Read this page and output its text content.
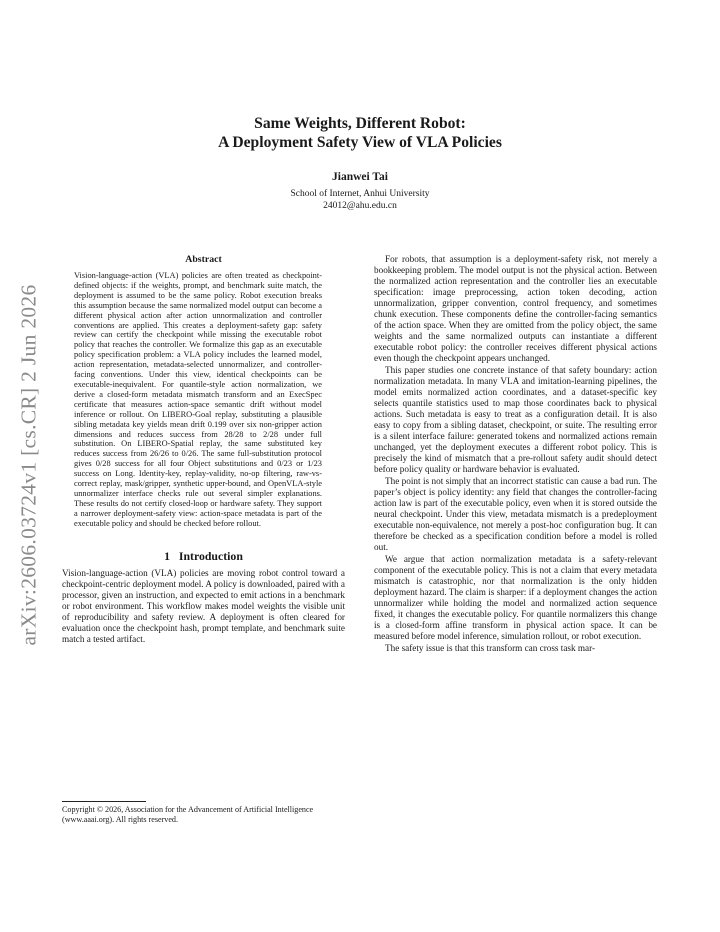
arXiv:2606.03724v1 [cs.CR] 2 Jun 2026
Same Weights, Different Robot:
A Deployment Safety View of VLA Policies
Jianwei Tai
School of Internet, Anhui University
24012@ahu.edu.cn
Abstract

Vision-language-action (VLA) policies are often treated as checkpoint-defined objects: if the weights, prompt, and benchmark suite match, the deployment is assumed to be the same policy. Robot execution breaks this assumption because the same normalized model output can become a different physical action after action unnormalization and controller conventions are applied. This creates a deployment-safety gap: safety review can certify the checkpoint while missing the executable robot policy that reaches the controller. We formalize this gap as an executable policy specification problem: a VLA policy includes the learned model, action representation, metadata-selected unnormalizer, and controller-facing conventions. Under this view, identical checkpoints can be executable-inequivalent. For quantile-style action normalization, we derive a closed-form metadata mismatch transform and an ExecSpec certificate that measures action-space semantic drift without model inference or rollout. On LIBERO-Goal replay, substituting a plausible sibling metadata key yields mean drift 0.199 over six non-gripper action dimensions and reduces success from 28/28 to 2/28 under full substitution. On LIBERO-Spatial replay, the same substituted key reduces success from 26/26 to 0/26. The same full-substitution protocol gives 0/28 success for all four Object substitutions and 0/23 or 1/23 success on Long. Identity-key, replay-validity, no-op filtering, raw-vs-correct replay, mask/gripper, synthetic upper-bound, and OpenVLA-style unnormalizer interface checks rule out several simpler explanations. These results do not certify closed-loop or hardware safety. They support a narrower deployment-safety view: action-space metadata is part of the executable policy and should be checked before rollout.

1 Introduction

Vision-language-action (VLA) policies are moving robot control toward a checkpoint-centric deployment model. A policy is downloaded, paired with a processor, given an instruction, and expected to emit actions in a benchmark or robot environment. This workflow makes model weights the visible unit of reproducibility and safety review. A deployment is often cleared for evaluation once the checkpoint hash, prompt template, and benchmark suite match a tested artifact.

Copyright © 2026, Association for the Advancement of Artificial Intelligence (www.aaai.org). All rights reserved.

For robots, that assumption is a deployment-safety risk, not merely a bookkeeping problem. The model output is not the physical action. Between the normalized action representation and the controller lies an executable specification: image preprocessing, action token decoding, action unnormalization, gripper convention, control frequency, and sometimes chunk execution. These components define the controller-facing semantics of the action space. When they are omitted from the policy object, the same weights and the same normalized outputs can instantiate a different executable robot policy: the controller receives different physical actions even though the checkpoint appears unchanged.

This paper studies one concrete instance of that safety boundary: action normalization metadata. In many VLA and imitation-learning pipelines, the model emits normalized action coordinates, and a dataset-specific key selects quantile statistics used to map those coordinates back to physical actions. Such metadata is easy to treat as a configuration detail. It is also easy to copy from a sibling dataset, checkpoint, or suite. The resulting error is a silent interface failure: generated tokens and normalized actions remain unchanged, yet the deployment executes a different robot policy. This is precisely the kind of mismatch that a pre-rollout safety audit should detect before policy quality or hardware behavior is evaluated.

The point is not simply that an incorrect statistic can cause a bad run. The paper’s object is policy identity: any field that changes the controller-facing action law is part of the executable policy, even when it is stored outside the neural checkpoint. Under this view, metadata mismatch is a predeployment executable non-equivalence, not merely a post-hoc configuration bug. It can therefore be checked as a specification condition before a model is rolled out.

We argue that action normalization metadata is a safety-relevant component of the executable policy. This is not a claim that every metadata mismatch is catastrophic, nor that normalization is the only hidden deployment hazard. The claim is sharper: if a deployment changes the action unnormalizer while holding the model and normalized action sequence fixed, it changes the executable policy. For quantile normalizers this change is a closed-form affine transform in physical action space. It can be measured before model inference, simulation rollout, or robot execution.

The safety issue is that this transform can cross task mar-
